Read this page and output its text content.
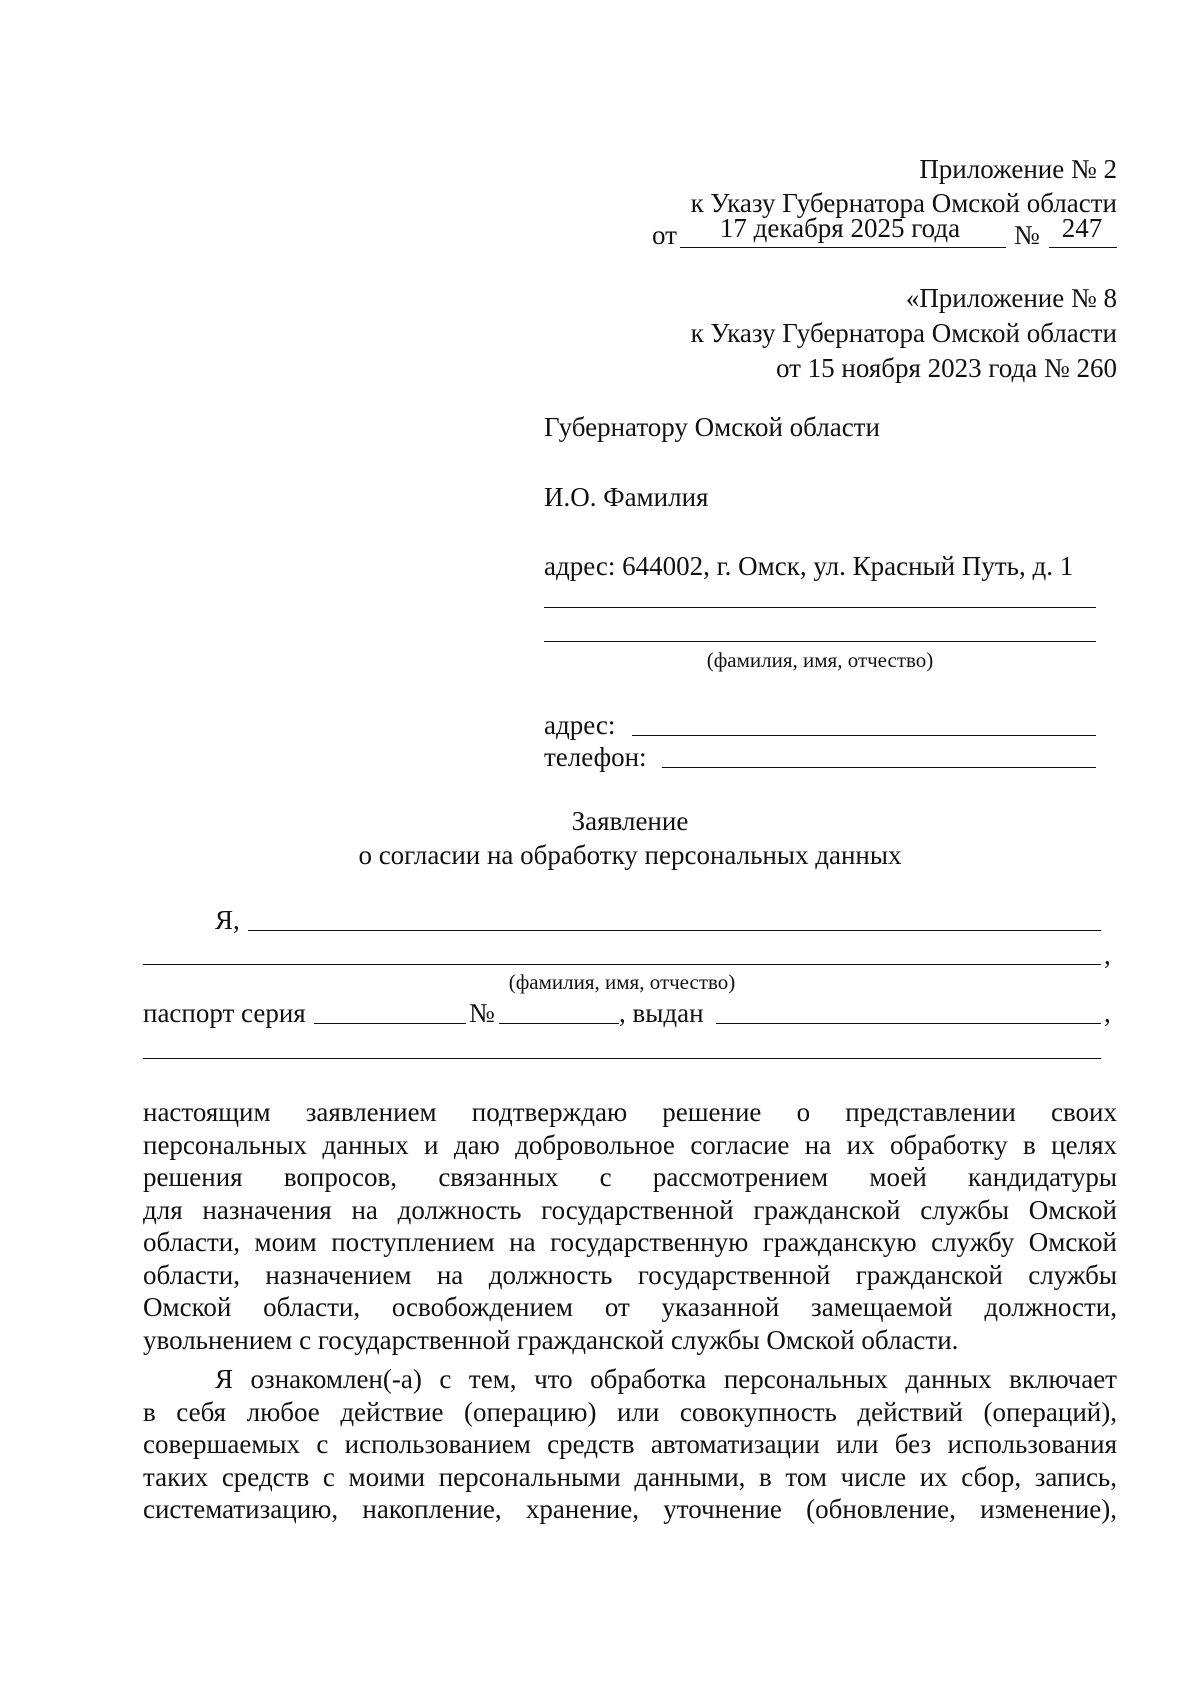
Приложение № 2
к Указу Губернатора Омской области
от	17 декабря 2025 года	№ 247
«Приложение № 8
к Указу Губернатора Омской области
от 15 ноября 2023 года № 260
Губернатору Омской области
И.О. Фамилия
адрес: 644002, г. Омск, ул. Красный Путь, д. 1
(фамилия, имя, отчество)
адрес:
телефон:
Заявление
о согласии на обработку персональных данных
Я,
,
(фамилия, имя, отчество)
паспорт серия	№	, выдан	,
настоящим заявлением подтверждаю решение о представлении своих
персональных данных и даю добровольное согласие на их обработку в целях
решения вопросов, связанных с рассмотрением моей кандидатуры
для назначения на должность государственной гражданской службы Омской
области, моим поступлением на государственную гражданскую службу Омской
области, назначением на должность государственной гражданской службы
Омской области, освобождением от указанной замещаемой должности,
увольнением с государственной гражданской службы Омской области.
Я ознакомлен(-а) с тем, что обработка персональных данных включает
в себя любое действие (операцию) или совокупность действий (операций),
совершаемых с использованием средств автоматизации или без использования
таких средств с моими персональными данными, в том числе их сбор, запись,
систематизацию, накопление, хранение, уточнение (обновление, изменение),
